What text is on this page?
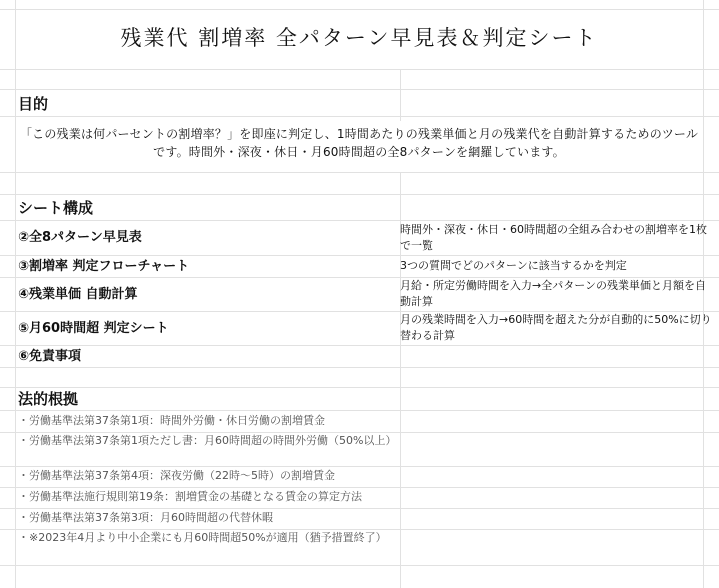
残業代 割増率 全パターン早見表＆判定シート
目的
「この残業は何パーセントの割増率？」を即座に判定し、1時間あたりの残業単価と月の残業代を自動計算するためのツールです。時間外・深夜・休日・月60時間超の全8パターンを網羅しています。
シート構成
②全8パターン早見表
時間外・深夜・休日・60時間超の全組み合わせの割増率を1枚で一覧
③割増率 判定フローチャート	3つの質問でどのパターンに該当するかを判定
④残業単価 自動計算
月給・所定労働時間を入力→全パターンの残業単価と月額を自動計算
⑤月60時間超 判定シート
月の残業時間を入力→60時間を超えた分が自動的に50%に切り替わる計算
⑥免責事項
法的根拠
・労働基準法第37条第1項：時間外労働・休日労働の割増賃金
・労働基準法第37条第1項ただし書：月60時間超の時間外労働（50%以上）
・労働基準法第37条第4項：深夜労働（22時～5時）の割増賃金
・労働基準法施行規則第19条：割増賃金の基礎となる賃金の算定方法
・労働基準法第37条第3項：月60時間超の代替休暇
・※2023年4月より中小企業にも月60時間超50%が適用（猶予措置終了）
